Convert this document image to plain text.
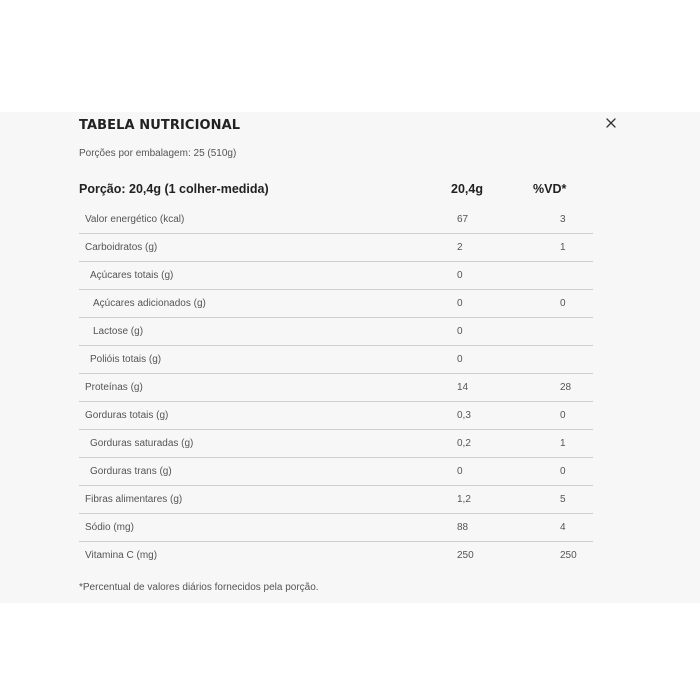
TABELA NUTRICIONAL
Porções por embalagem: 25 (510g)
Porção: 20,4g (1 colher-medida)	20,4g	%VD*
Valor energético (kcal)	67	3
Carboidratos (g)	2	1
Açúcares totais (g)	0
Açúcares adicionados (g)	0	0
Lactose (g)	0
Polióis totais (g)	0
Proteínas (g)	14	28
Gorduras totais (g)	0,3	0
Gorduras saturadas (g)	0,2	1
Gorduras trans (g)	0	0
Fibras alimentares (g)	1,2	5
Sódio (mg)	88	4
Vitamina C (mg)	250	250
*Percentual de valores diários fornecidos pela porção.
